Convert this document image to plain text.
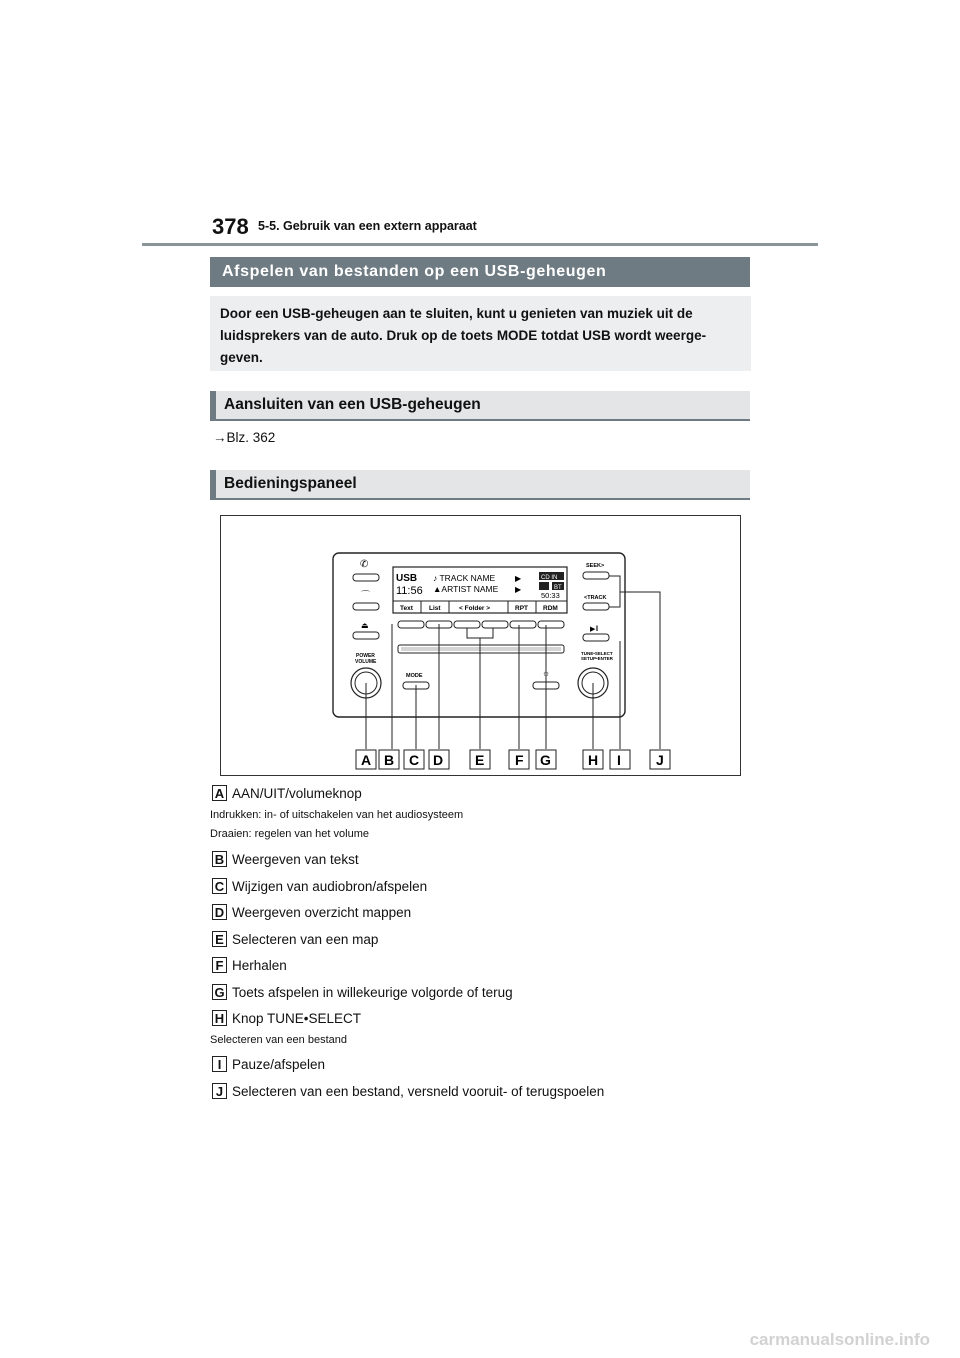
378 5-5. Gebruik van een extern apparaat
Afspelen van bestanden op een USB-geheugen
Door een USB-geheugen aan te sluiten, kunt u genieten van muziek uit de luidsprekers van de auto. Druk op de toets MODE totdat USB wordt weerge-geven.
Aansluiten van een USB-geheugen
→Blz. 362
Bedieningspaneel
USB
11:56
♪ TRACK NAME
▲ARTIST NAME
▶
▶
CD IN
BT
50:33
Text List	< Folder >	RPT RDM
✆
⌒
⏏
POWER
VOLUME
MODE
SEEK>
<TRACK
▶‖
TUNE•SELECT
SETUP•ENTER
☼
A B C D E F G	H I	J
A AAN/UIT/volumeknop
Indrukken: in- of uitschakelen van het audiosysteem
Draaien: regelen van het volume
B Weergeven van tekst
C Wijzigen van audiobron/afspelen
D Weergeven overzicht mappen
E Selecteren van een map
F Herhalen
G Toets afspelen in willekeurige volgorde of terug
H Knop TUNE•SELECT
Selecteren van een bestand
I Pauze/afspelen
J Selecteren van een bestand, versneld vooruit- of terugspoelen
carmanualsonline.info
